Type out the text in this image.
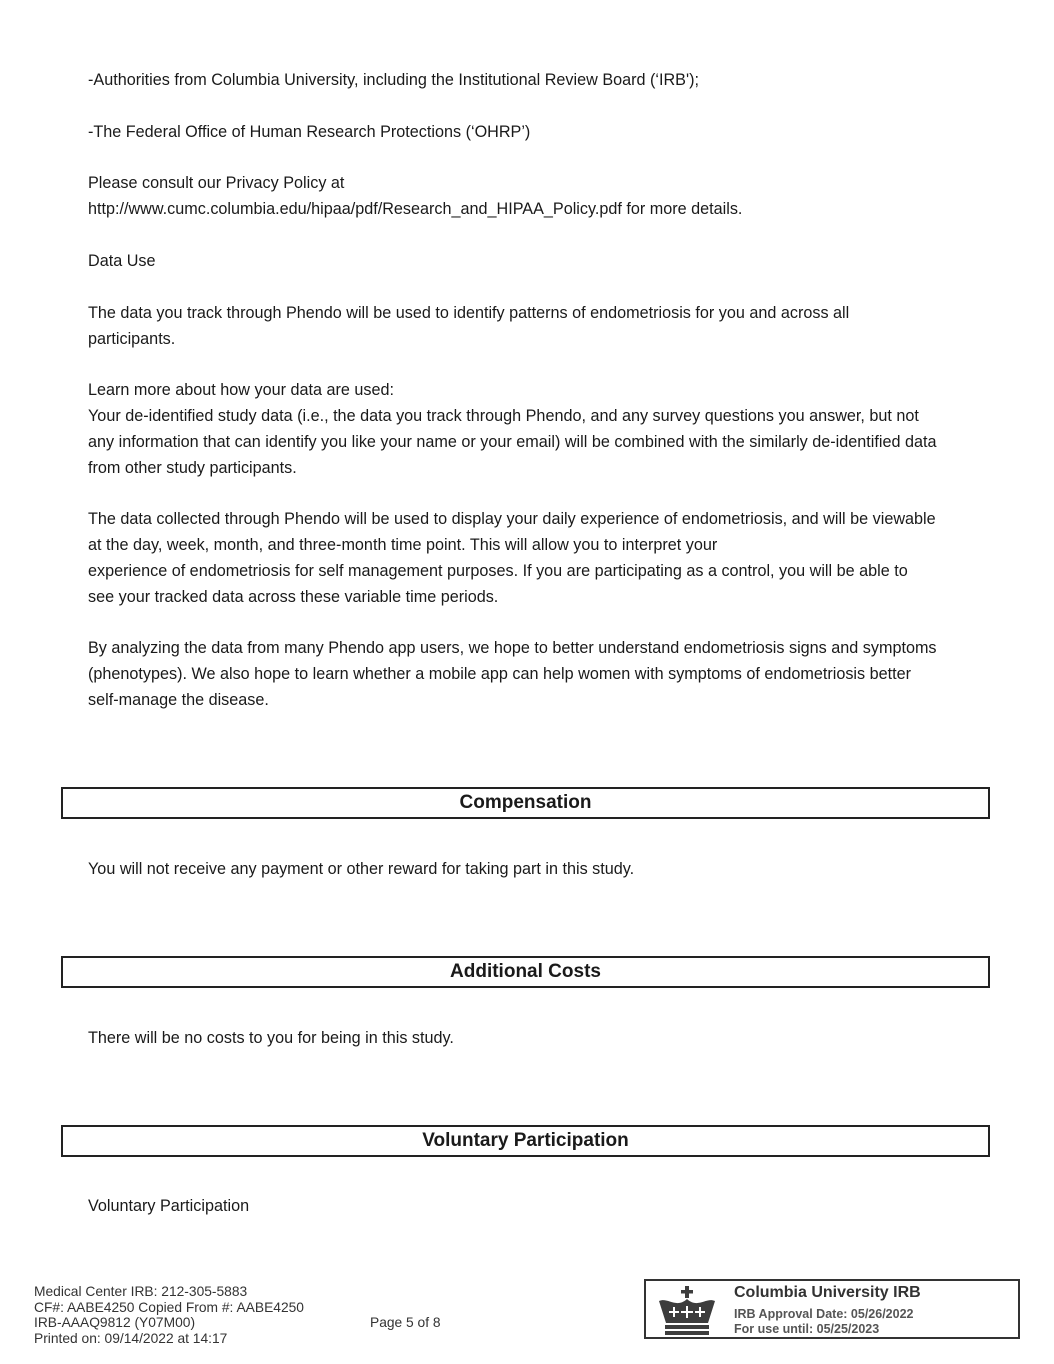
-Authorities from Columbia University, including the Institutional Review Board (‘IRB');
-The Federal Office of Human Research Protections (‘OHRP’)
Please consult our Privacy Policy at
http://www.cumc.columbia.edu/hipaa/pdf/Research_and_HIPAA_Policy.pdf for more details.
Data Use
The data you track through Phendo will be used to identify patterns of endometriosis for you and across all
participants.
Learn more about how your data are used:
Your de-identified study data (i.e., the data you track through Phendo, and any survey questions you answer, but not
any information that can identify you like your name or your email) will be combined with the similarly de-identified data
from other study participants.
The data collected through Phendo will be used to display your daily experience of endometriosis, and will be viewable
at the day, week, month, and three-month time point. This will allow you to interpret your
experience of endometriosis for self management purposes. If you are participating as a control, you will be able to
see your tracked data across these variable time periods.
By analyzing the data from many Phendo app users, we hope to better understand endometriosis signs and symptoms
(phenotypes). We also hope to learn whether a mobile app can help women with symptoms of endometriosis better
self-manage the disease.
Compensation
You will not receive any payment or other reward for taking part in this study.
Additional Costs
There will be no costs to you for being in this study.
Voluntary Participation
Voluntary Participation
Medical Center IRB: 212-305-5883
CF#: AABE4250 Copied From #: AABE4250
IRB-AAAQ9812 (Y07M00)
Printed on: 09/14/2022 at 14:17
Page 5 of 8
Columbia University IRB
IRB Approval Date: 05/26/2022
For use until: 05/25/2023
